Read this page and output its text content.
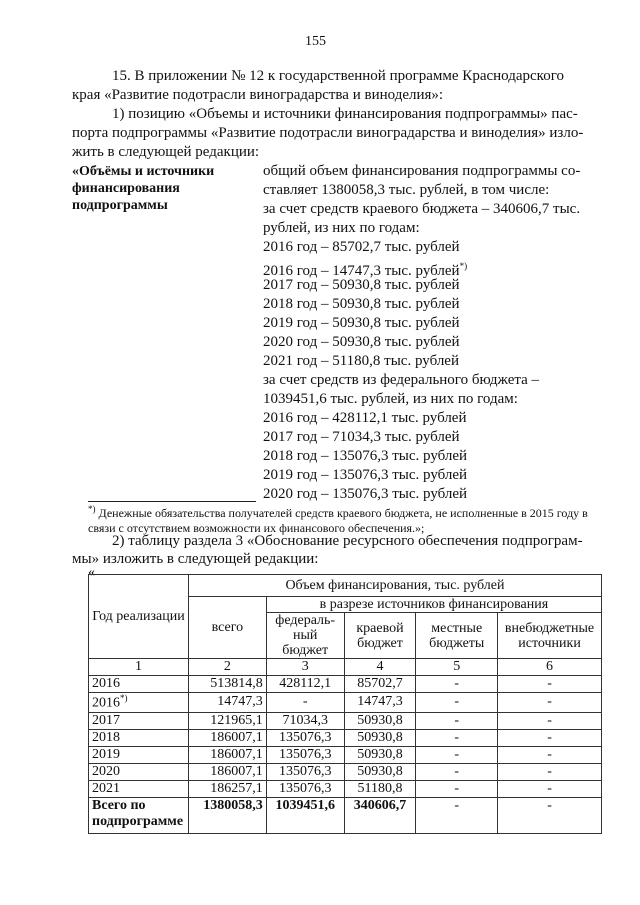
155
15. В приложении № 12 к государственной программе Краснодарского
края «Развитие подотрасли виноградарства и виноделия»:
1) позицию «Объемы и источники финансирования подпрограммы» пас-
порта подпрограммы «Развитие подотрасли виноградарства и виноделия» изло-
жить в следующей редакции:
«Объёмы и источники
финансирования
подпрограммы
общий объем финансирования подпрограммы со-
ставляет 1380058,3 тыс. рублей, в том числе:
за счет средств краевого бюджета – 340606,7 тыс.
рублей, из них по годам:
2016 год – 85702,7 тыс. рублей
2016 год – 14747,3 тыс. рублей*)
2017 год – 50930,8 тыс. рублей
2018 год – 50930,8 тыс. рублей
2019 год – 50930,8 тыс. рублей
2020 год – 50930,8 тыс. рублей
2021 год – 51180,8 тыс. рублей
за счет средств из федерального бюджета –
1039451,6 тыс. рублей, из них по годам:
2016 год – 428112,1 тыс. рублей
2017 год – 71034,3 тыс. рублей
2018 год – 135076,3 тыс. рублей
2019 год – 135076,3 тыс. рублей
2020 год – 135076,3 тыс. рублей
*) Денежные обязательства получателей средств краевого бюджета, не исполненные в 2015 году в связи с отсутствием возможности их финансового обеспечения.»;
2) таблицу раздела 3 «Обоснование ресурсного обеспечения подпрограм-
мы» изложить в следующей редакции:
«
Год реализации	Объем финансирования, тыс. рублей				
	всего	в разрезе источников финансирования			
		федераль-ный бюджет	краевой бюджет	местные бюджеты	внебюджетные источники
1	2	3	4	5	6
2016	513814,8	428112,1	85702,7	-	-
2016*)	14747,3	-	14747,3	-	-
2017	121965,1	71034,3	50930,8	-	-
2018	186007,1	135076,3	50930,8	-	-
2019	186007,1	135076,3	50930,8	-	-
2020	186007,1	135076,3	50930,8	-	-
2021	186257,1	135076,3	51180,8	-	-
Всего по подпрограмме	1380058,3	1039451,6	340606,7	-	-
